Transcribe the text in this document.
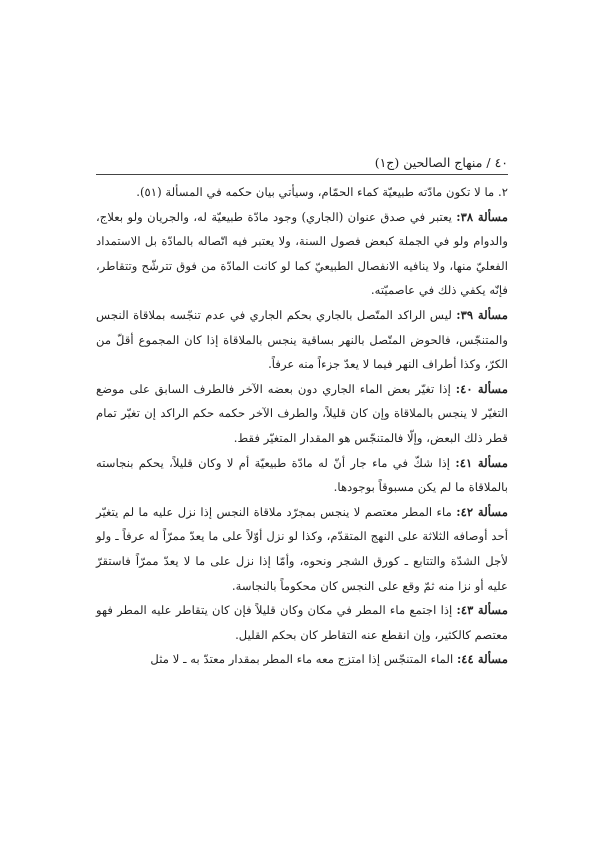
٤٠ / منهاج الصالحين (ج١)

٢. ما لا تكون مادّته طبيعيّة كماء الحمّام، وسيأتي بيان حكمه في المسألة (٥١).

مسألة ٣٨: يعتبر في صدق عنوان (الجاري) وجود مادّة طبيعيّة له، والجريان ولو بعلاج، والدوام ولو في الجملة كبعض فصول السنة، ولا يعتبر فيه اتّصاله بالمادّة بل الاستمداد الفعليّ منها، ولا ينافيه الانفصال الطبيعيّ كما لو كانت المادّة من فوق تترشّح وتتقاطر، فإنّه يكفي ذلك في عاصميّته.

مسألة ٣٩: ليس الراكد المتّصل بالجاري بحكم الجاري في عدم تنجّسه بملاقاة النجس والمتنجّس، فالحوض المتّصل بالنهر بساقية ينجس بالملاقاة إذا كان المجموع أقلّ من الكرّ، وكذا أطراف النهر فيما لا يعدّ جزءاً منه عرفاً.

مسألة ٤٠: إذا تغيّر بعض الماء الجاري دون بعضه الآخر فالطرف السابق على موضع التغيّر لا ينجس بالملاقاة وإن كان قليلاً، والطرف الآخر حكمه حكم الراكد إن تغيّر تمام قطر ذلك البعض، وإلّا فالمتنجّس هو المقدار المتغيّر فقط.

مسألة ٤١: إذا شكّ في ماء جار أنّ له مادّة طبيعيّة أم لا وكان قليلاً، يحكم بنجاسته بالملاقاة ما لم يكن مسبوقاً بوجودها.

مسألة ٤٢: ماء المطر معتصم لا ينجس بمجرّد ملاقاة النجس إذا نزل عليه ما لم يتغيّر أحد أوصافه الثلاثة على النهج المتقدّم، وكذا لو نزل أوّلاً على ما يعدّ ممرّاً له عرفاً ـ ولو لأجل الشدّة والتتابع ـ كورق الشجر ونحوه، وأمّا إذا نزل على ما لا يعدّ ممرّاً فاستقرّ عليه أو نزا منه ثمّ وقع على النجس كان محكوماً بالنجاسة.

مسألة ٤٣: إذا اجتمع ماء المطر في مكان وكان قليلاً فإن كان يتقاطر عليه المطر فهو معتصم كالكثير، وإن انقطع عنه التقاطر كان بحكم القليل.

مسألة ٤٤: الماء المتنجّس إذا امتزج معه ماء المطر بمقدار معتدّ به ـ لا مثل
